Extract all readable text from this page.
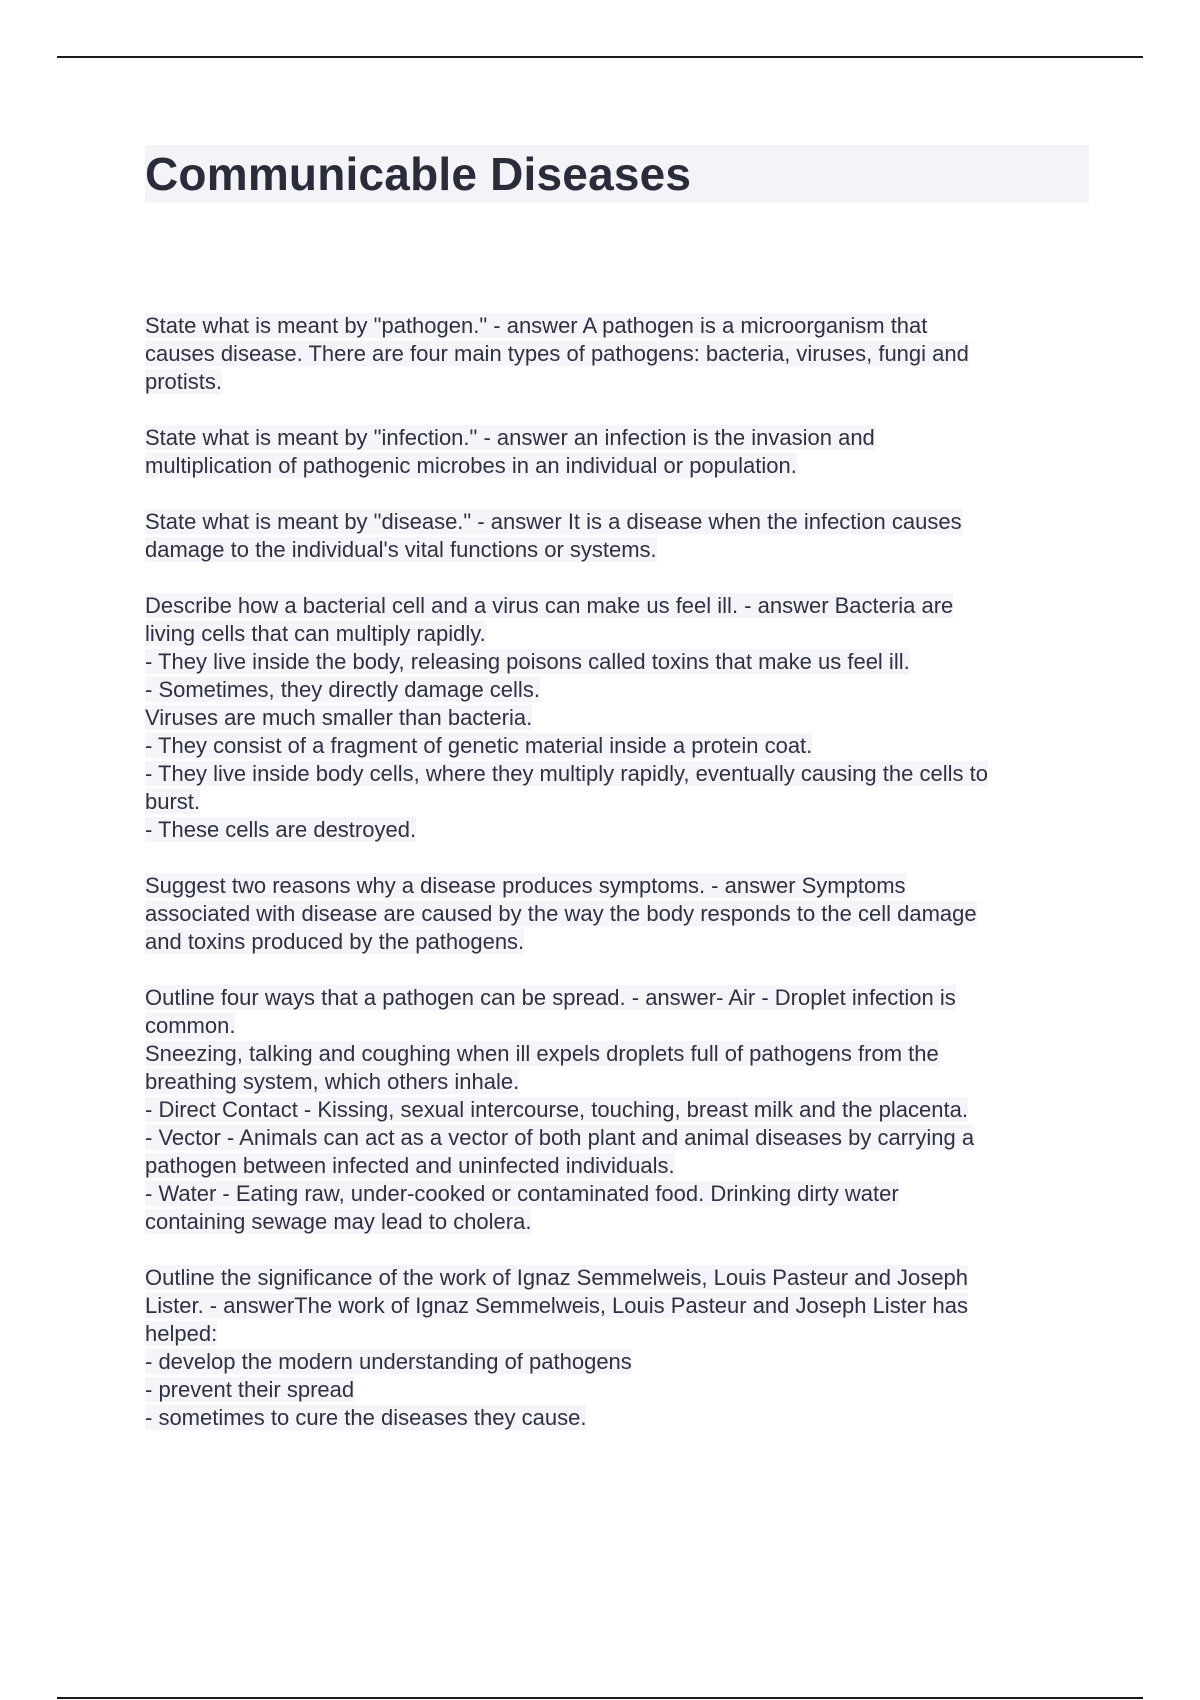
Communicable Diseases
State what is meant by "pathogen." - answer A pathogen is a microorganism that
causes disease. There are four main types of pathogens: bacteria, viruses, fungi and
protists.
State what is meant by "infection." - answer an infection is the invasion and
multiplication of pathogenic microbes in an individual or population.
State what is meant by "disease." - answer It is a disease when the infection causes
damage to the individual's vital functions or systems.
Describe how a bacterial cell and a virus can make us feel ill. - answer Bacteria are
living cells that can multiply rapidly.
- They live inside the body, releasing poisons called toxins that make us feel ill.
- Sometimes, they directly damage cells.
Viruses are much smaller than bacteria.
- They consist of a fragment of genetic material inside a protein coat.
- They live inside body cells, where they multiply rapidly, eventually causing the cells to
burst.
- These cells are destroyed.
Suggest two reasons why a disease produces symptoms. - answer Symptoms
associated with disease are caused by the way the body responds to the cell damage
and toxins produced by the pathogens.
Outline four ways that a pathogen can be spread. - answer- Air - Droplet infection is
common.
Sneezing, talking and coughing when ill expels droplets full of pathogens from the
breathing system, which others inhale.
- Direct Contact - Kissing, sexual intercourse, touching, breast milk and the placenta.
- Vector - Animals can act as a vector of both plant and animal diseases by carrying a
pathogen between infected and uninfected individuals.
- Water - Eating raw, under-cooked or contaminated food. Drinking dirty water
containing sewage may lead to cholera.
Outline the significance of the work of Ignaz Semmelweis, Louis Pasteur and Joseph
Lister. - answerThe work of Ignaz Semmelweis, Louis Pasteur and Joseph Lister has
helped:
- develop the modern understanding of pathogens
- prevent their spread
- sometimes to cure the diseases they cause.
